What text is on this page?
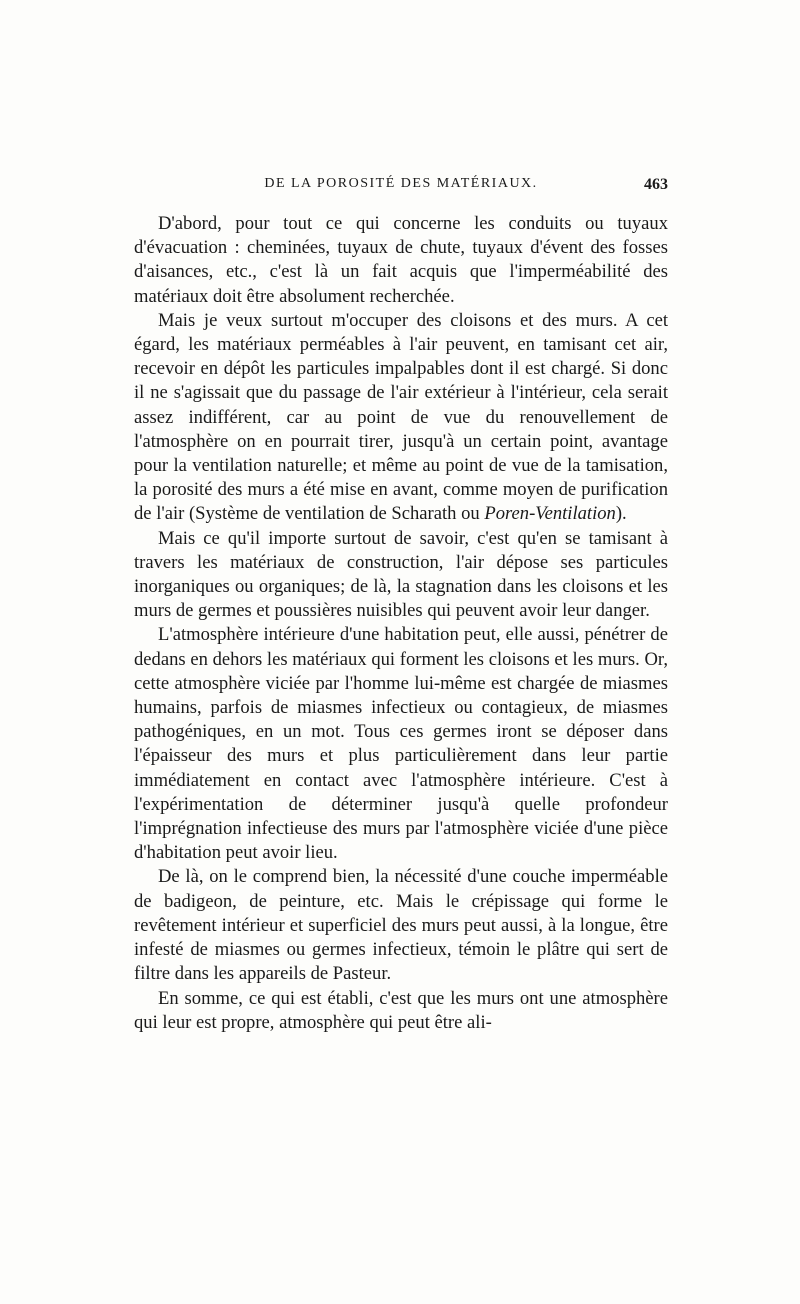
DE LA POROSITÉ DES MATÉRIAUX.	463

D'abord, pour tout ce qui concerne les conduits ou tuyaux d'évacuation : cheminées, tuyaux de chute, tuyaux d'évent des fosses d'aisances, etc., c'est là un fait acquis que l'imperméabilité des matériaux doit être absolument recherchée.

Mais je veux surtout m'occuper des cloisons et des murs. A cet égard, les matériaux perméables à l'air peuvent, en tamisant cet air, recevoir en dépôt les particules impalpables dont il est chargé. Si donc il ne s'agissait que du passage de l'air extérieur à l'intérieur, cela serait assez indifférent, car au point de vue du renouvellement de l'atmosphère on en pourrait tirer, jusqu'à un certain point, avantage pour la ventilation naturelle; et même au point de vue de la tamisation, la porosité des murs a été mise en avant, comme moyen de purification de l'air (Système de ventilation de Scharath ou Poren-Ventilation).

Mais ce qu'il importe surtout de savoir, c'est qu'en se tamisant à travers les matériaux de construction, l'air dépose ses particules inorganiques ou organiques; de là, la stagnation dans les cloisons et les murs de germes et poussières nuisibles qui peuvent avoir leur danger.

L'atmosphère intérieure d'une habitation peut, elle aussi, pénétrer de dedans en dehors les matériaux qui forment les cloisons et les murs. Or, cette atmosphère viciée par l'homme lui-même est chargée de miasmes humains, parfois de miasmes infectieux ou contagieux, de miasmes pathogéniques, en un mot. Tous ces germes iront se déposer dans l'épaisseur des murs et plus particulièrement dans leur partie immédiatement en contact avec l'atmosphère intérieure. C'est à l'expérimentation de déterminer jusqu'à quelle profondeur l'imprégnation infectieuse des murs par l'atmosphère viciée d'une pièce d'habitation peut avoir lieu.

De là, on le comprend bien, la nécessité d'une couche imperméable de badigeon, de peinture, etc. Mais le crépissage qui forme le revêtement intérieur et superficiel des murs peut aussi, à la longue, être infesté de miasmes ou germes infectieux, témoin le plâtre qui sert de filtre dans les appareils de Pasteur.

En somme, ce qui est établi, c'est que les murs ont une atmosphère qui leur est propre, atmosphère qui peut être ali-
